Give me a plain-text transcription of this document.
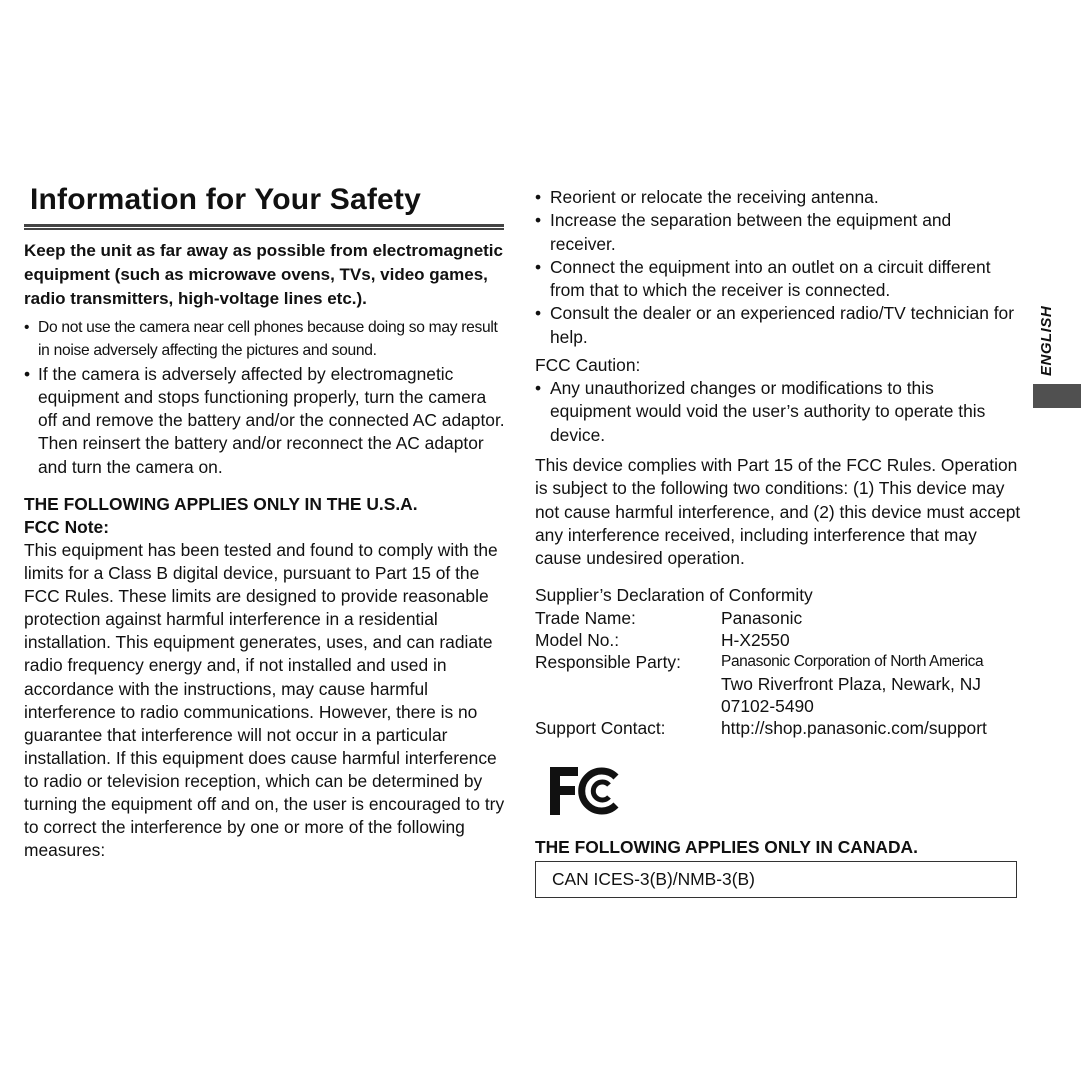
Information for Your Safety
Keep the unit as far away as possible from electromagnetic equipment (such as microwave ovens, TVs, video games, radio transmitters, high-voltage lines etc.).
• Do not use the camera near cell phones because doing so may result in noise adversely affecting the pictures and sound.
• If the camera is adversely affected by electromagnetic equipment and stops functioning properly, turn the camera off and remove the battery and/or the connected AC adaptor. Then reinsert the battery and/or reconnect the AC adaptor and turn the camera on.
THE FOLLOWING APPLIES ONLY IN THE U.S.A.
FCC Note:
This equipment has been tested and found to comply with the limits for a Class B digital device, pursuant to Part 15 of the FCC Rules. These limits are designed to provide reasonable protection against harmful interference in a residential installation. This equipment generates, uses, and can radiate radio frequency energy and, if not installed and used in accordance with the instructions, may cause harmful interference to radio communications. However, there is no guarantee that interference will not occur in a particular installation. If this equipment does cause harmful interference to radio or television reception, which can be determined by turning the equipment off and on, the user is encouraged to try to correct the interference by one or more of the following measures:
• Reorient or relocate the receiving antenna.
• Increase the separation between the equipment and receiver.
• Connect the equipment into an outlet on a circuit different from that to which the receiver is connected.
• Consult the dealer or an experienced radio/TV technician for help.
FCC Caution:
• Any unauthorized changes or modifications to this equipment would void the user’s authority to operate this device.
This device complies with Part 15 of the FCC Rules. Operation is subject to the following two conditions: (1) This device may not cause harmful interference, and (2) this device must accept any interference received, including interference that may cause undesired operation.
Supplier’s Declaration of Conformity
Trade Name:	Panasonic
Model No.:	H-X2550
Responsible Party:	Panasonic Corporation of North America
Two Riverfront Plaza, Newark, NJ
07102-5490
Support Contact:	http://shop.panasonic.com/support
THE FOLLOWING APPLIES ONLY IN CANADA.
CAN ICES-3(B)/NMB-3(B)
ENGLISH
